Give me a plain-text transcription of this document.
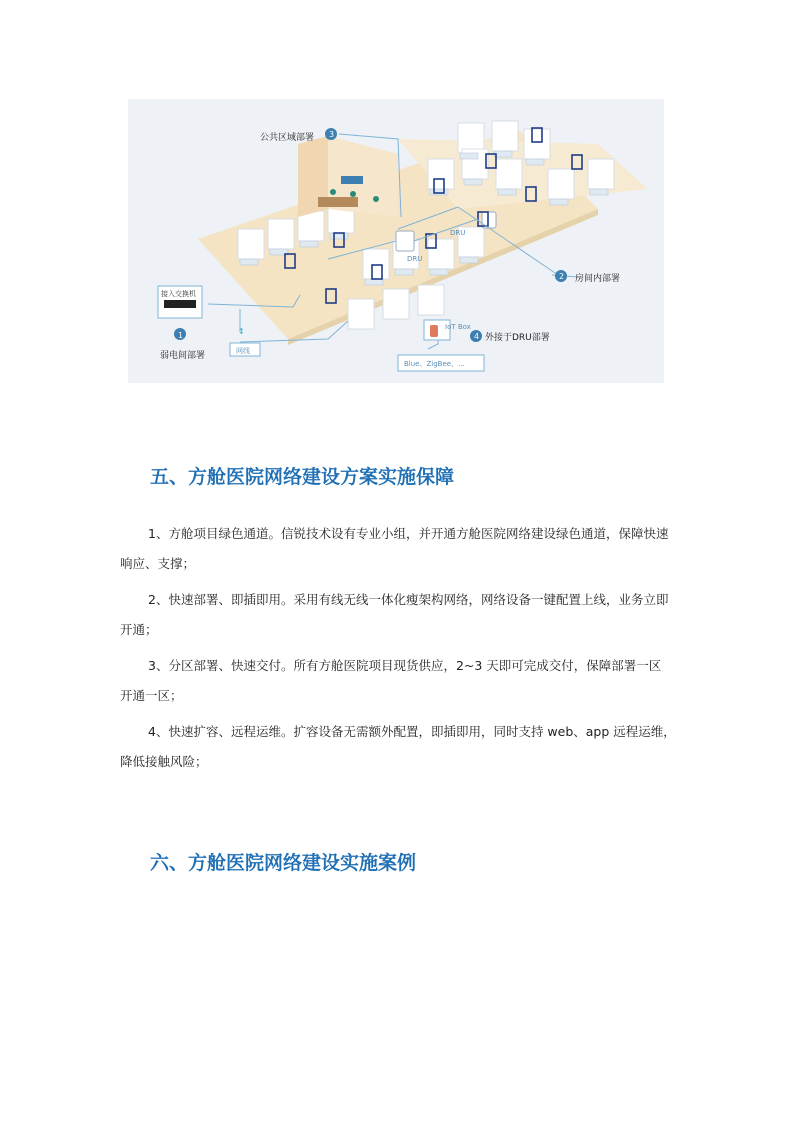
DRU
DRU
接入交换机
1
弱电间部署	网线
↕
公共区域部署 3
2 房间内部署
IoT Box
4 外接于DRU部署
Blue、ZigBee、...
五、方舱医院网络建设方案实施保障

1、方舱项目绿色通道。信锐技术设有专业小组，并开通方舱医院网络建设绿色通道，保障快速
响应、支撑；

2、快速部署、即插即用。采用有线无线一体化瘦架构网络，网络设备一键配置上线，业务立即
开通；

3、分区部署、快速交付。所有方舱医院项目现货供应，2~3 天即可完成交付，保障部署一区
开通一区；

4、快速扩容、远程运维。扩容设备无需额外配置，即插即用，同时支持 web、app 远程运维，
降低接触风险；

六、方舱医院网络建设实施案例
